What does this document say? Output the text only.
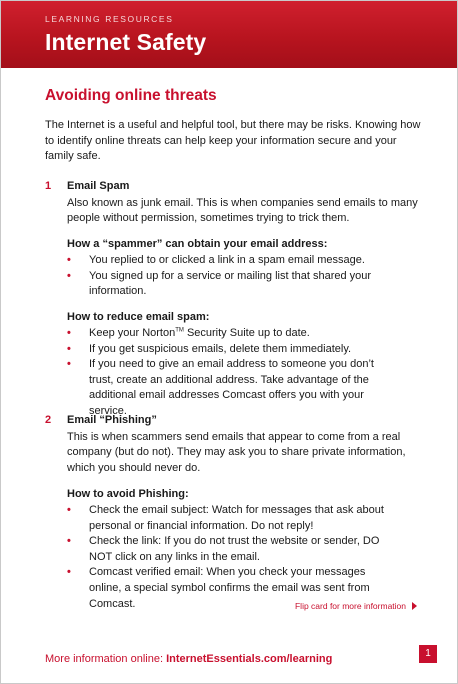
LEARNING RESOURCES
Internet Safety
Avoiding online threats
The Internet is a useful and helpful tool, but there may be risks. Knowing how to identify online threats can help keep your information secure and your family safe.
1 Email Spam
Also known as junk email. This is when companies send emails to many people without permission, sometimes trying to trick them.
How a “spammer” can obtain your email address:
• You replied to or clicked a link in a spam email message.
• You signed up for a service or mailing list that shared your information.
How to reduce email spam:
• Keep your Norton™ Security Suite up to date.
• If you get suspicious emails, delete them immediately.
• If you need to give an email address to someone you don’t trust, create an additional address. Take advantage of the additional email addresses Comcast offers you with your service.
2 Email “Phishing”
This is when scammers send emails that appear to come from a real company (but do not). They may ask you to share private information, which you should never do.
How to avoid Phishing:
• Check the email subject: Watch for messages that ask about personal or financial information. Do not reply!
• Check the link: If you do not trust the website or sender, DO NOT click on any links in the email.
• Comcast verified email: When you check your messages online, a special symbol confirms the email was sent from Comcast.	Flip card for more information
More information online: InternetEssentials.com/learning	1
